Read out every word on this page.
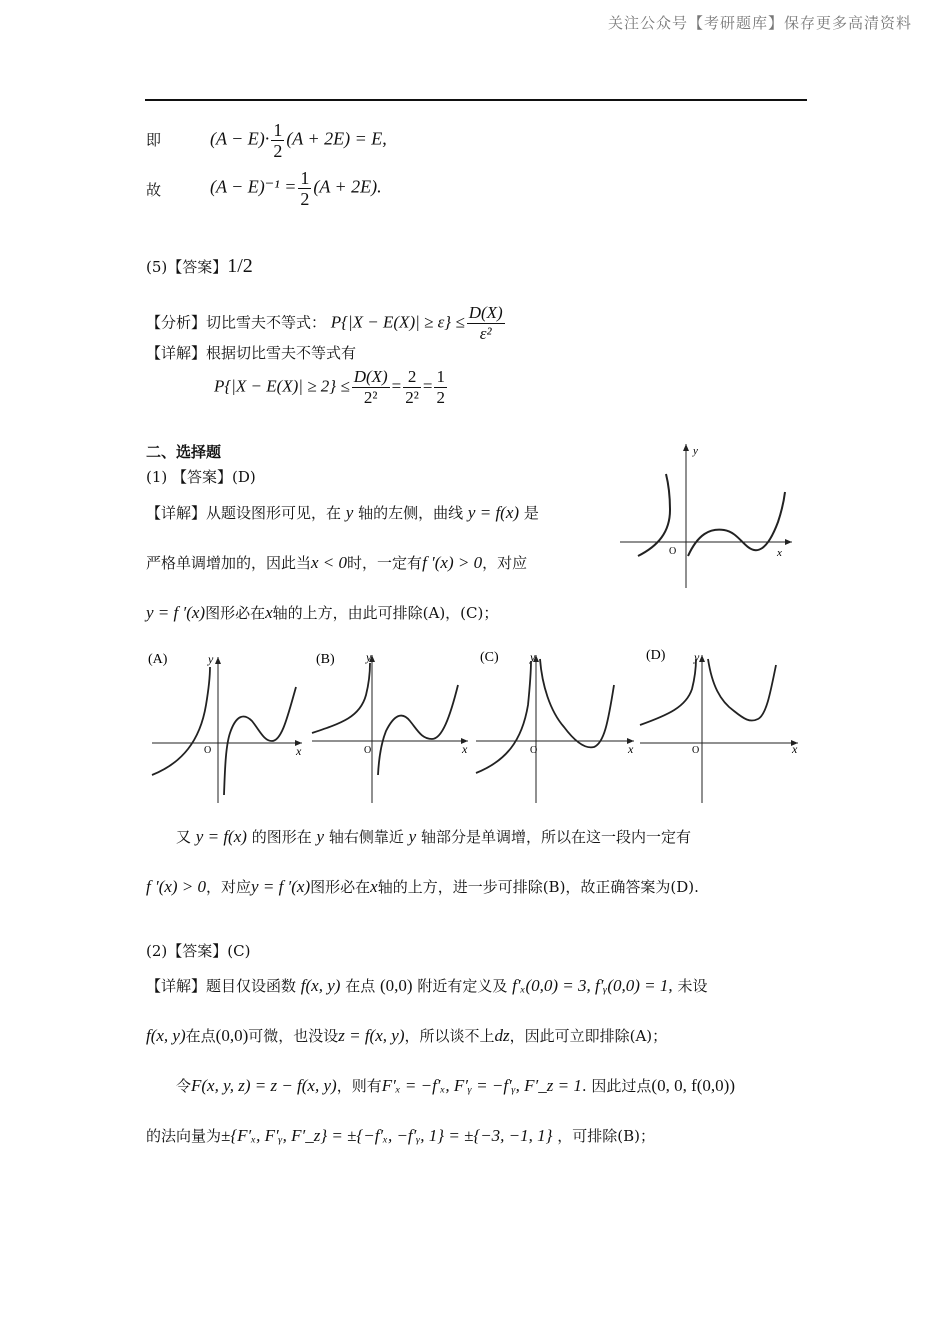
关注公众号【考研题库】保存更多高清资料
即	$(A - E)\cdot \frac{1}{2} (A + 2E) = E$,
故	$(A - E)^{-1} = \frac{1}{2} (A + 2E)$.
(5)【答案】1/2
【分析】切比雪夫不等式： $P\{|X - E(X)| \ge \varepsilon\} \le \frac{D(X)}{\text{ε²}}$
【详解】根据切比雪夫不等式有
$P\{|X - E(X)| \ge 2\} \le \frac{D(X)}{\text{2²}} = \frac{2}{\text{2²}} = \frac{1}{2}$
二、选择题
(1) 【答案】(D)
【详解】从题设图形可见，在 y 轴的左侧，曲线 y = f(x) 是
严格单调增加的，因此当x < 0时，一定有f ′(x) > 0，对应
y = f ′(x)图形必在x轴的上方，由此可排除(A)，(C)；
y
x
O
(A)	y
x
O
(B)	y
x
O
(C)	y
x
O
(D) y
x
O
又 y = f(x) 的图形在 y 轴右侧靠近 y 轴部分是单调增，所以在这一段内一定有
f ′(x) > 0，对应y = f ′(x)图形必在x轴的上方，进一步可排除(B)，故正确答案为(D).
(2)【答案】(C)
【详解】题目仅设函数 f(x, y) 在点 (0,0) 附近有定义及 f′ₓ(0,0) = 3, f′ᵧ(0,0) = 1, 未设
f(x, y)在点(0,0)可微，也没设z = f(x, y)，所以谈不上dz，因此可立即排除(A)；
令F(x, y, z) = z − f(x, y)，则有F′ₓ = −f′ₓ, F′ᵧ = −f′ᵧ, F′_z = 1. 因此过点(0, 0, f(0,0))
的法向量为±{F′ₓ, F′ᵧ, F′_z} = ±{−f′ₓ, −f′ᵧ, 1} = ±{−3, −1, 1} ，可排除(B)；
